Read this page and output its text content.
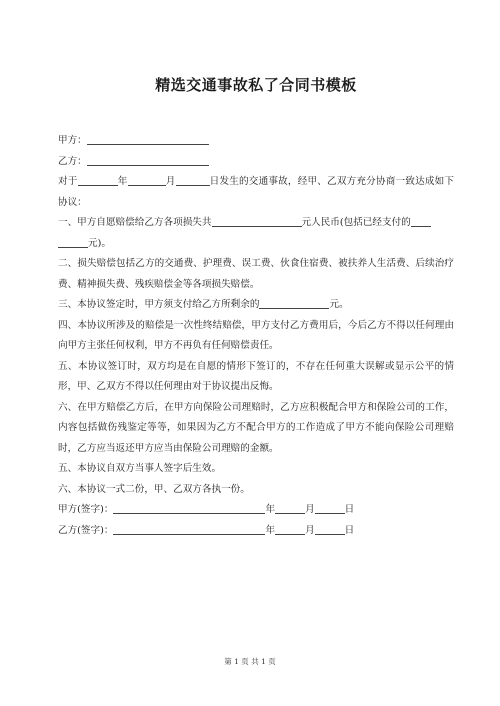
精选交通事故私了合同书模板
甲方：
乙方：
对于	年	月	日发生的交通事故，经甲、乙双方充分协商一致达成如下协议：
一、甲方自愿赔偿给乙方各项损失共	元人民币(包括已经支付的
元)。
二、损失赔偿包括乙方的交通费、护理费、误工费、伙食住宿费、被扶养人生活费、后续治疗费、精神损失费、残疾赔偿金等各项损失赔偿。
三、本协议签定时，甲方须支付给乙方所剩余的	元。
四、本协议所涉及的赔偿是一次性终结赔偿，甲方支付乙方费用后，今后乙方不得以任何理由向甲方主张任何权利，甲方不再负有任何赔偿责任。
五、本协议签订时，双方均是在自愿的情形下签订的，不存在任何重大误解或显示公平的情形，甲、乙双方不得以任何理由对于协议提出反悔。
六、在甲方赔偿乙方后，在甲方向保险公司理赔时，乙方应积极配合甲方和保险公司的工作，内容包括做伤残鉴定等等，如果因为乙方不配合甲方的工作造成了甲方不能向保险公司理赔时，乙方应当返还甲方应当由保险公司理赔的金额。
五、本协议自双方当事人签字后生效。
六、本协议一式二份，甲、乙双方各执一份。
甲方(签字)：	年	月	日
乙方(签字)：	年	月	日
第 1 页 共 1 页
